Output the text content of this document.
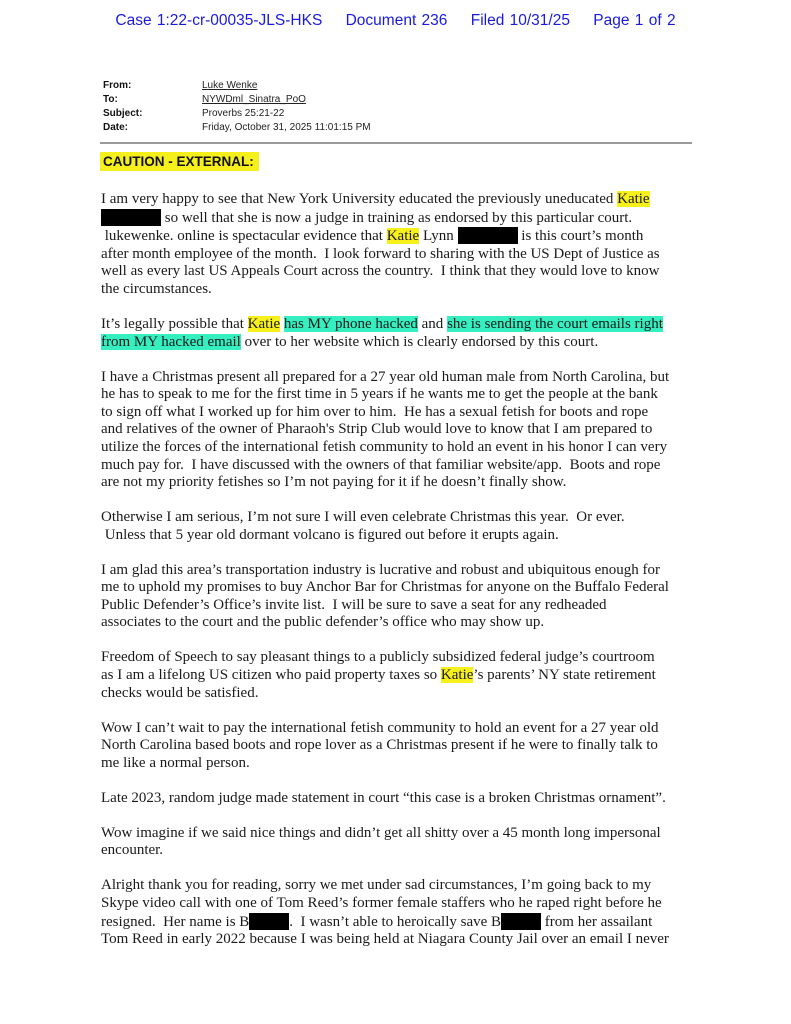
Case 1:22-cr-00035-JLS-HKS Document 236 Filed 10/31/25 Page 1 of 2
From:	Luke Wenke
To:	NYWDml_Sinatra_PoO
Subject:	Proverbs 25:21-22
Date:	Friday, October 31, 2025 11:01:15 PM
CAUTION - EXTERNAL:
I am very happy to see that New York University educated the previously uneducated Katie
so well that she is now a judge in training as endorsed by this particular court.
lukewenke. online is spectacular evidence that Katie Lynn	is this court’s month
after month employee of the month.  I look forward to sharing with the US Dept of Justice as
well as every last US Appeals Court across the country.  I think that they would love to know
the circumstances.
It’s legally possible that Katie has MY phone hacked and she is sending the court emails right
from MY hacked email over to her website which is clearly endorsed by this court.
I have a Christmas present all prepared for a 27 year old human male from North Carolina, but
he has to speak to me for the first time in 5 years if he wants me to get the people at the bank
to sign off what I worked up for him over to him.  He has a sexual fetish for boots and rope
and relatives of the owner of Pharaoh's Strip Club would love to know that I am prepared to
utilize the forces of the international fetish community to hold an event in his honor I can very
much pay for.  I have discussed with the owners of that familiar website/app.  Boots and rope
are not my priority fetishes so I’m not paying for it if he doesn’t finally show.
Otherwise I am serious, I’m not sure I will even celebrate Christmas this year.  Or ever.
Unless that 5 year old dormant volcano is figured out before it erupts again.
I am glad this area’s transportation industry is lucrative and robust and ubiquitous enough for
me to uphold my promises to buy Anchor Bar for Christmas for anyone on the Buffalo Federal
Public Defender’s Office’s invite list.  I will be sure to save a seat for any redheaded
associates to the court and the public defender’s office who may show up.
Freedom of Speech to say pleasant things to a publicly subsidized federal judge’s courtroom
as I am a lifelong US citizen who paid property taxes so Katie’s parents’ NY state retirement
checks would be satisfied.
Wow I can’t wait to pay the international fetish community to hold an event for a 27 year old
North Carolina based boots and rope lover as a Christmas present if he were to finally talk to
me like a normal person.
Late 2023, random judge made statement in court “this case is a broken Christmas ornament”.
Wow imagine if we said nice things and didn’t get all shitty over a 45 month long impersonal
encounter.
Alright thank you for reading, sorry we met under sad circumstances, I’m going back to my
Skype video call with one of Tom Reed’s former female staffers who he raped right before he
resigned.  Her name is B	.  I wasn’t able to heroically save B	from her assailant
Tom Reed in early 2022 because I was being held at Niagara County Jail over an email I never
